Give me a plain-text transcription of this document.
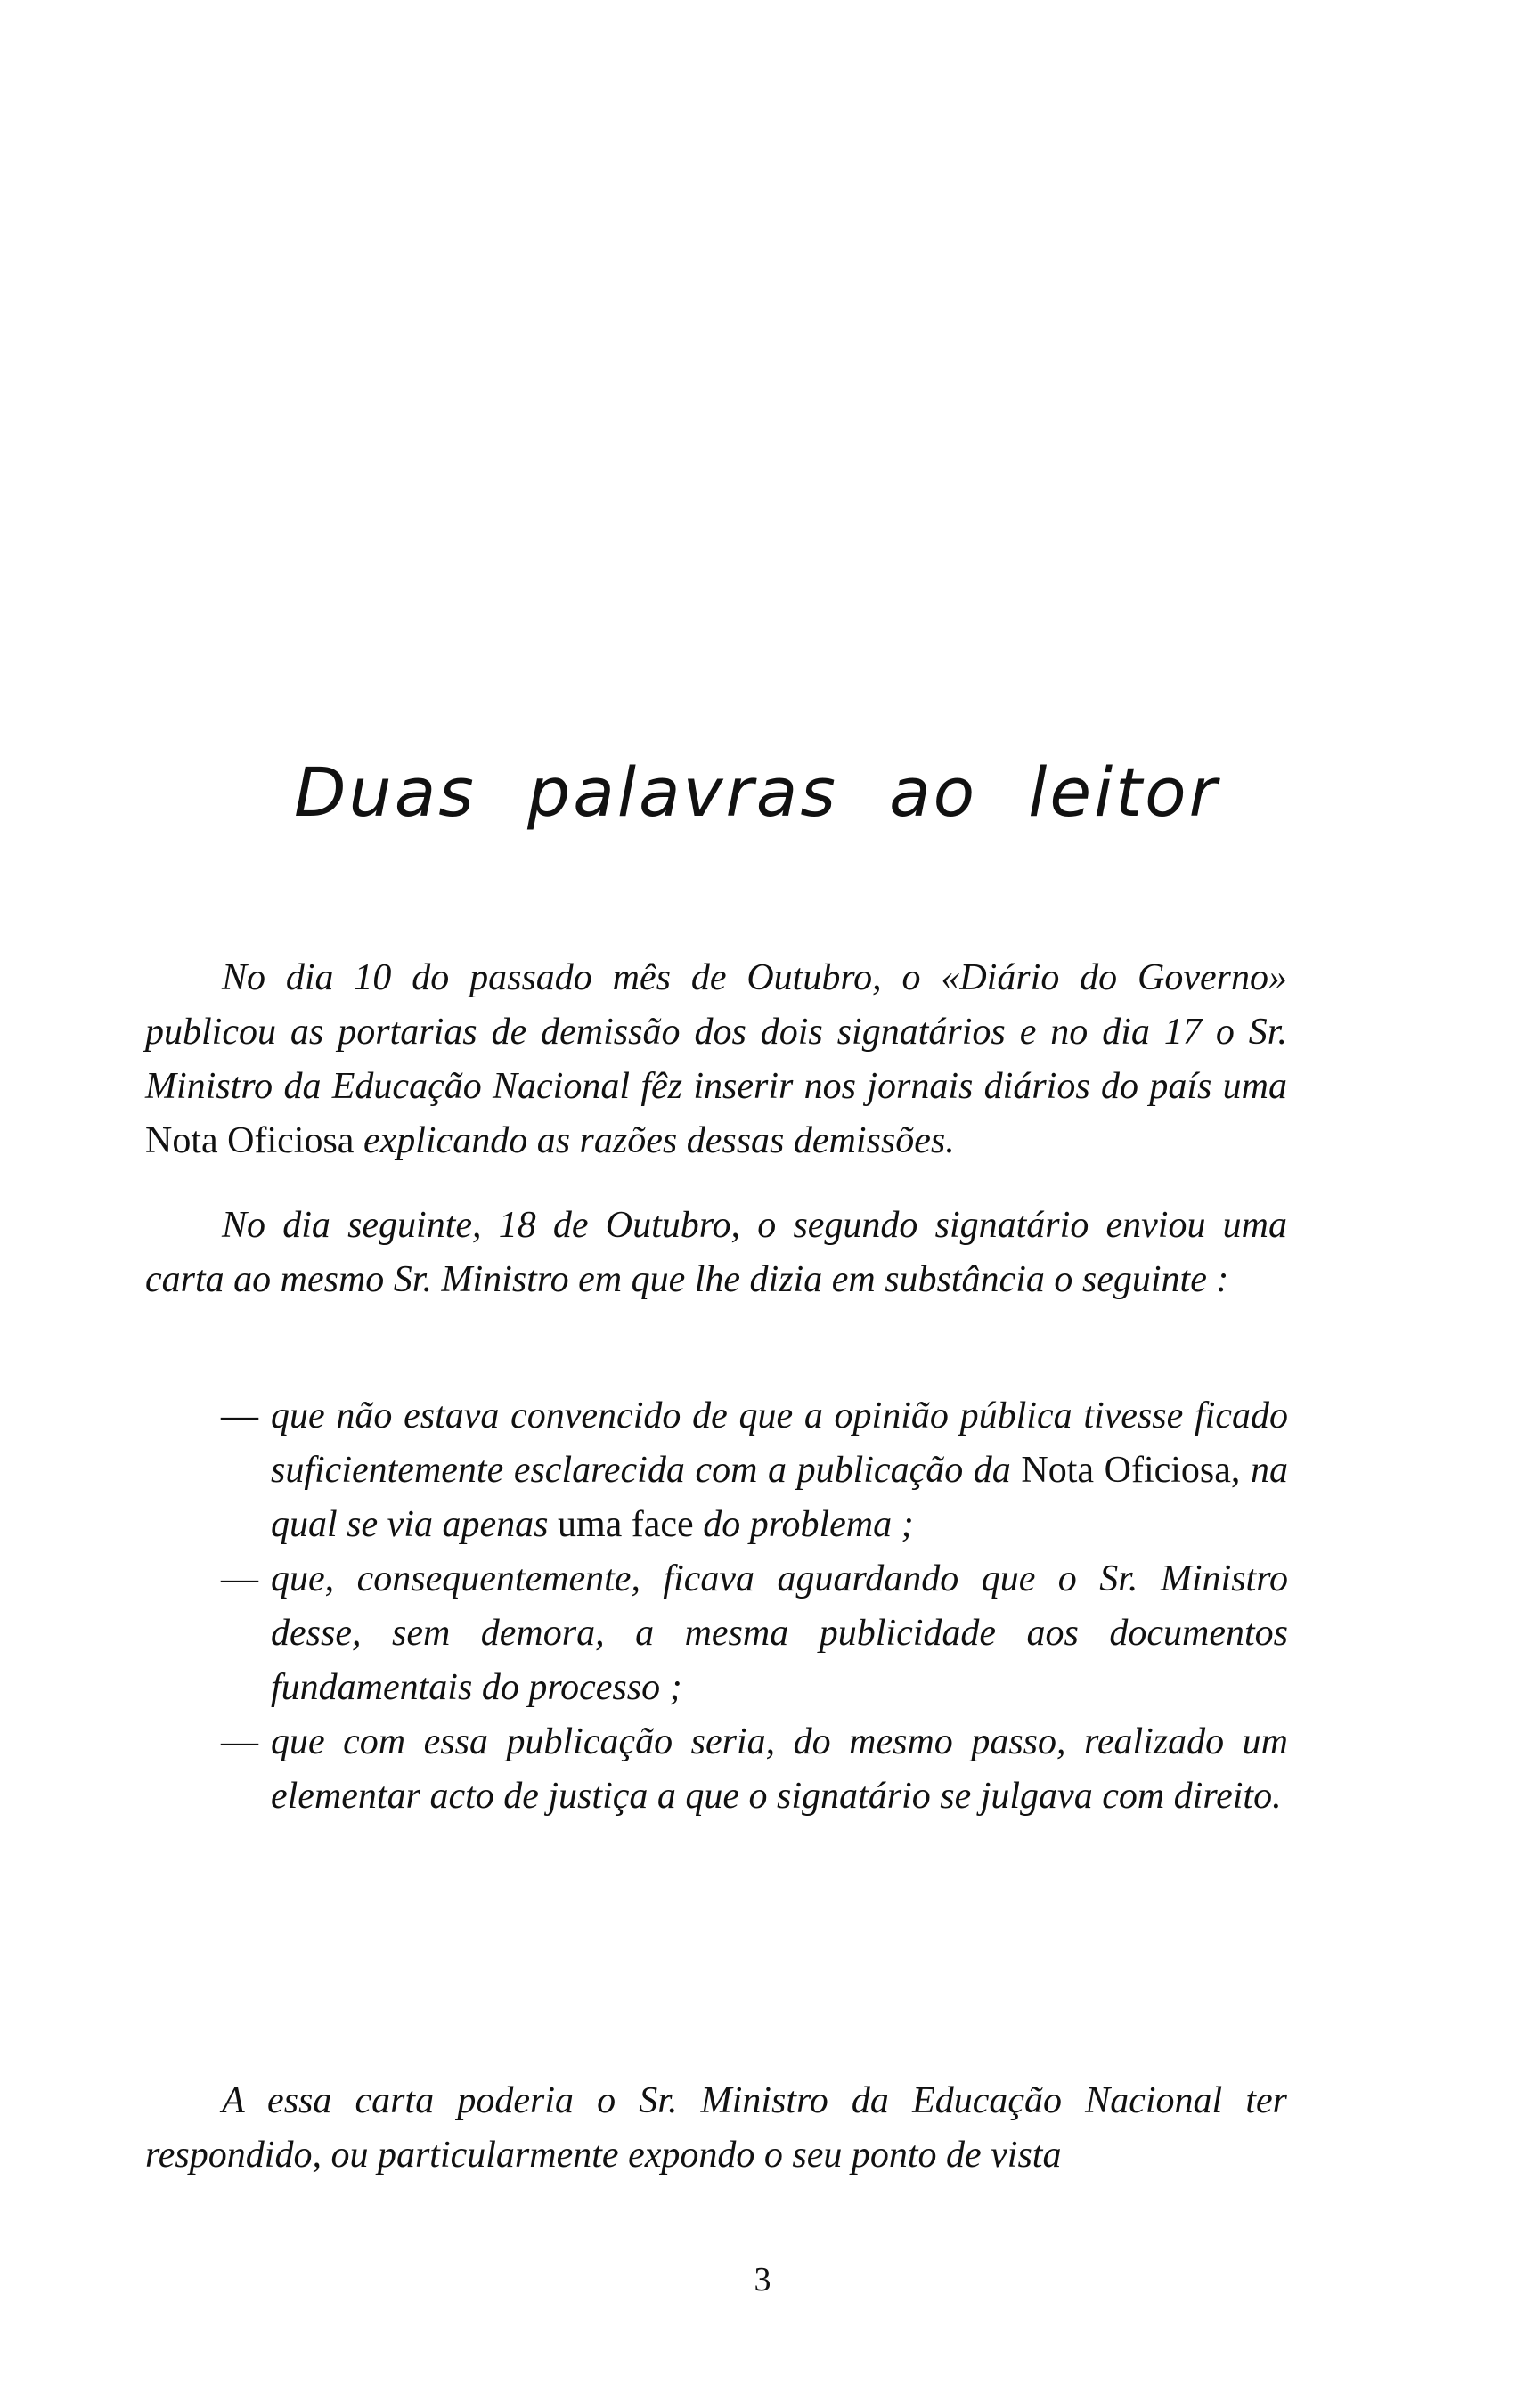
Duas palavras ao leitor

No dia 10 do passado mês de Outubro, o «Diário do Governo» publicou as portarias de demissão dos dois signatários e no dia 17 o Sr. Ministro da Educação Nacional fêz inserir nos jornais diários do país uma Nota Oficiosa explicando as razões dessas demissões.

No dia seguinte, 18 de Outubro, o segundo signatário enviou uma carta ao mesmo Sr. Ministro em que lhe dizia em substância o seguinte :

— que não estava convencido de que a opinião pública tivesse ficado suficientemente esclarecida com a publicação da Nota Oficiosa, na qual se via apenas uma face do problema ;
— que, consequentemente, ficava aguardando que o Sr. Ministro desse, sem demora, a mesma publicidade aos documentos fundamentais do processo ;
— que com essa publicação seria, do mesmo passo, realizado um elementar acto de justiça a que o signatário se julgava com direito.

A essa carta poderia o Sr. Ministro da Educação Nacional ter respondido, ou particularmente expondo o seu ponto de vista

3
